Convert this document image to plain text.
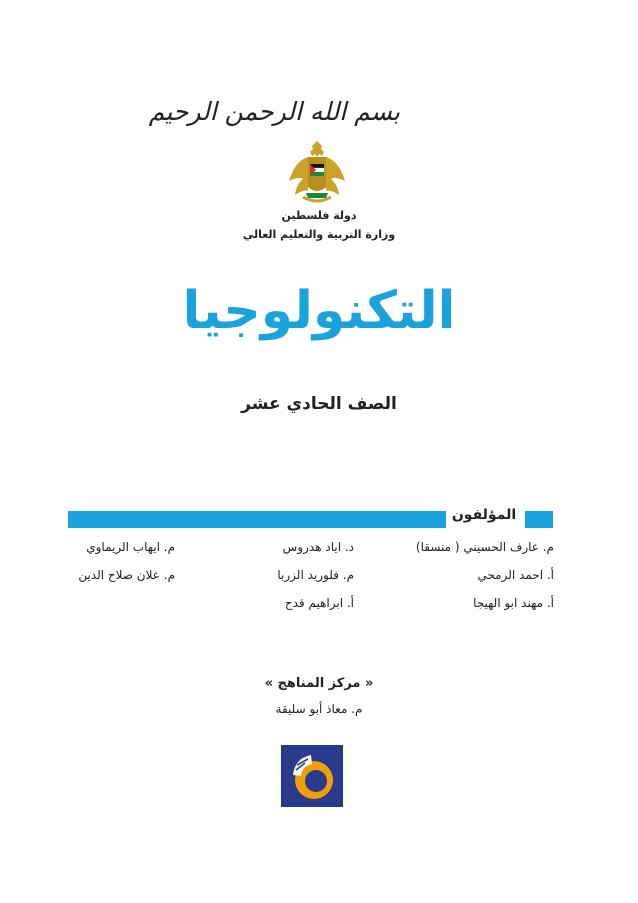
بسم الله الرحمن الرحيم
دولة فلسطين
وزارة التربية والتعليم العالي
التكنولوجيا
الصف الحادي عشر
المؤلفون
م. عارف الحسيني ( منسقا)
أ. احمد الرمحي
أ. مهند ابو الهيجا
د. اياد هدروس
م. فلوريد الزربا
أ. ابراهيم قدح
م. ايهاب الريماوي
م. علان صلاح الدين
« مركز المناهج »
م. معاذ أبو سليقة
